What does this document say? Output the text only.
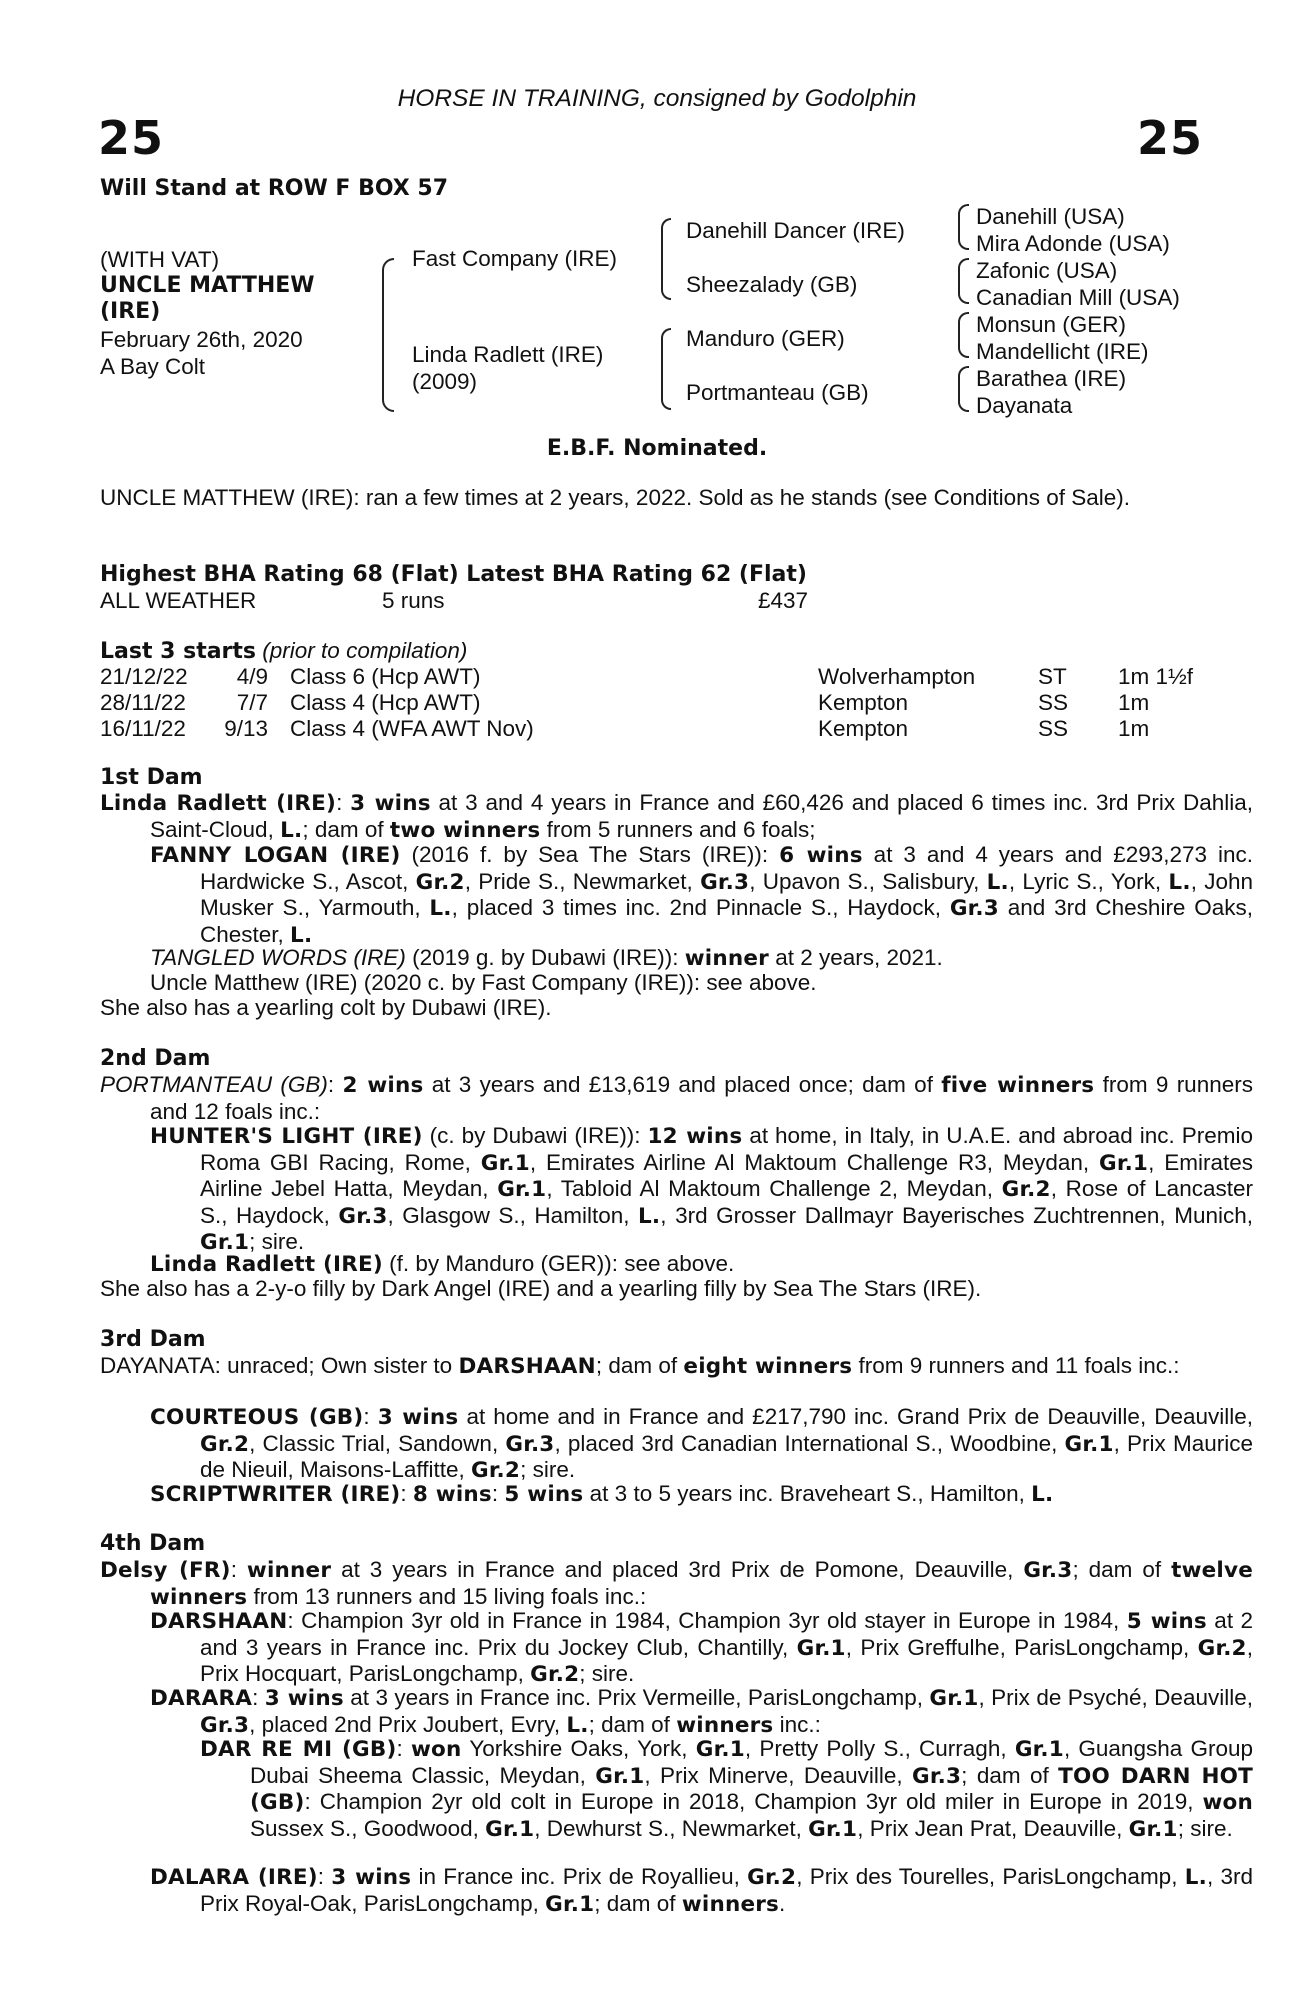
HORSE IN TRAINING, consigned by Godolphin
25	25
Will Stand at ROW F BOX 57
(WITH VAT)
UNCLE MATTHEW
(IRE)
February 26th, 2020
A Bay Colt
Fast Company (IRE)
Linda Radlett (IRE)
(2009)
Danehill Dancer (IRE)
Sheezalady (GB)
Manduro (GER)
Portmanteau (GB)
Danehill (USA)
Mira Adonde (USA)
Zafonic (USA)
Canadian Mill (USA)
Monsun (GER)
Mandellicht (IRE)
Barathea (IRE)
Dayanata
E.B.F. Nominated.
UNCLE MATTHEW (IRE): ran a few times at 2 years, 2022. Sold as he stands (see Conditions of Sale).
Highest BHA Rating 68 (Flat) Latest BHA Rating 62 (Flat)
ALL WEATHER	5 runs	£437
Last 3 starts (prior to compilation)
21/12/22	4/9 Class 6 (Hcp AWT)	Wolverhampton	ST 1m 1½f
28/11/22	7/7 Class 4 (Hcp AWT)	Kempton	SS 1m
16/11/22	9/13 Class 4 (WFA AWT Nov)	Kempton	SS 1m
1st Dam
Linda Radlett (IRE): 3 wins at 3 and 4 years in France and £60,426 and placed 6 times inc. 3rd Prix Dahlia, Saint-Cloud, L.; dam of two winners from 5 runners and 6 foals;
FANNY LOGAN (IRE) (2016 f. by Sea The Stars (IRE)): 6 wins at 3 and 4 years and £293,273 inc. Hardwicke S., Ascot, Gr.2, Pride S., Newmarket, Gr.3, Upavon S., Salisbury, L., Lyric S., York, L., John Musker S., Yarmouth, L., placed 3 times inc. 2nd Pinnacle S., Haydock, Gr.3 and 3rd Cheshire Oaks, Chester, L.
TANGLED WORDS (IRE) (2019 g. by Dubawi (IRE)): winner at 2 years, 2021.
Uncle Matthew (IRE) (2020 c. by Fast Company (IRE)): see above.
She also has a yearling colt by Dubawi (IRE).
2nd Dam
PORTMANTEAU (GB): 2 wins at 3 years and £13,619 and placed once; dam of five winners from 9 runners and 12 foals inc.:
HUNTER'S LIGHT (IRE) (c. by Dubawi (IRE)): 12 wins at home, in Italy, in U.A.E. and abroad inc. Premio Roma GBI Racing, Rome, Gr.1, Emirates Airline Al Maktoum Challenge R3, Meydan, Gr.1, Emirates Airline Jebel Hatta, Meydan, Gr.1, Tabloid Al Maktoum Challenge 2, Meydan, Gr.2, Rose of Lancaster S., Haydock, Gr.3, Glasgow S., Hamilton, L., 3rd Grosser Dallmayr Bayerisches Zuchtrennen, Munich, Gr.1; sire.
Linda Radlett (IRE) (f. by Manduro (GER)): see above.
She also has a 2-y-o filly by Dark Angel (IRE) and a yearling filly by Sea The Stars (IRE).
3rd Dam
DAYANATA: unraced; Own sister to DARSHAAN; dam of eight winners from 9 runners and 11 foals inc.:
COURTEOUS (GB): 3 wins at home and in France and £217,790 inc. Grand Prix de Deauville, Deauville, Gr.2, Classic Trial, Sandown, Gr.3, placed 3rd Canadian International S., Woodbine, Gr.1, Prix Maurice de Nieuil, Maisons-Laffitte, Gr.2; sire.
SCRIPTWRITER (IRE): 8 wins: 5 wins at 3 to 5 years inc. Braveheart S., Hamilton, L.
4th Dam
Delsy (FR): winner at 3 years in France and placed 3rd Prix de Pomone, Deauville, Gr.3; dam of twelve winners from 13 runners and 15 living foals inc.:
DARSHAAN: Champion 3yr old in France in 1984, Champion 3yr old stayer in Europe in 1984, 5 wins at 2 and 3 years in France inc. Prix du Jockey Club, Chantilly, Gr.1, Prix Greffulhe, ParisLongchamp, Gr.2, Prix Hocquart, ParisLongchamp, Gr.2; sire.
DARARA: 3 wins at 3 years in France inc. Prix Vermeille, ParisLongchamp, Gr.1, Prix de Psyché, Deauville, Gr.3, placed 2nd Prix Joubert, Evry, L.; dam of winners inc.:
DAR RE MI (GB): won Yorkshire Oaks, York, Gr.1, Pretty Polly S., Curragh, Gr.1, Guangsha Group Dubai Sheema Classic, Meydan, Gr.1, Prix Minerve, Deauville, Gr.3; dam of TOO DARN HOT (GB): Champion 2yr old colt in Europe in 2018, Champion 3yr old miler in Europe in 2019, won Sussex S., Goodwood, Gr.1, Dewhurst S., Newmarket, Gr.1, Prix Jean Prat, Deauville, Gr.1; sire.
DALARA (IRE): 3 wins in France inc. Prix de Royallieu, Gr.2, Prix des Tourelles, ParisLongchamp, L., 3rd Prix Royal-Oak, ParisLongchamp, Gr.1; dam of winners.
